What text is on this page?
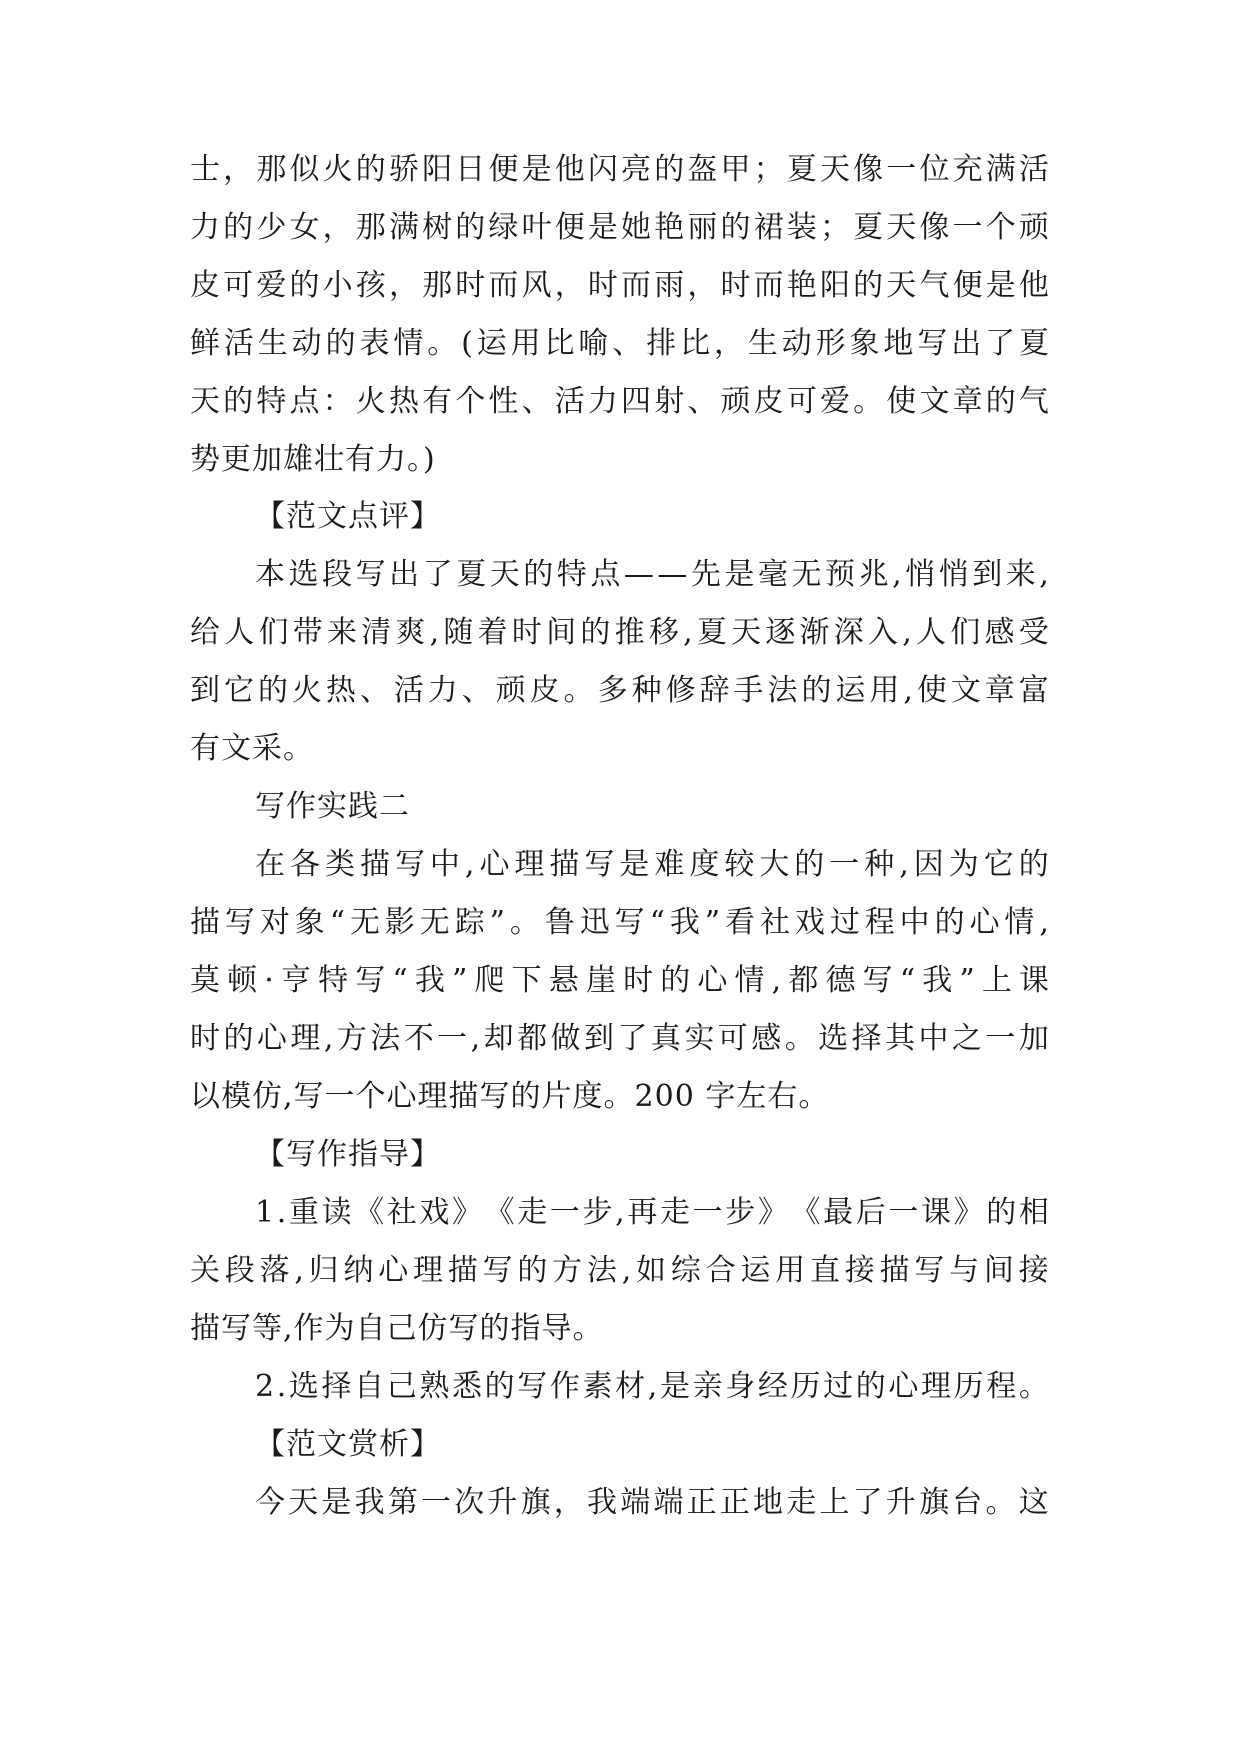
士 ， 那 似 火 的 骄 阳 日 便 是 他 闪 亮 的 盔 甲 ； 夏 天 像 一 位 充 满 活
力 的 少 女 ， 那 满 树 的 绿 叶 便 是 她 艳 丽 的 裙 装 ； 夏 天 像 一 个 顽
皮 可 爱 的 小 孩 ， 那 时 而 风 ， 时 而 雨 ， 时 而 艳 阳 的 天 气 便 是 他
鲜 活 生 动 的 表 情 。 ( 运 用 比 喻 、 排 比 ， 生 动 形 象 地 写 出 了 夏
天 的 特 点 ： 火 热 有 个 性 、 活 力 四 射 、 顽 皮 可 爱 。 使 文 章 的 气
势更加雄壮有力。)
【范文点评】
本 选 段 写 出 了 夏 天 的 特 点 — — 先 是 毫 无 预 兆 , 悄 悄 到 来 ,
给 人 们 带 来 清 爽 , 随 着 时 间 的 推 移 , 夏 天 逐 渐 深 入 , 人 们 感 受
到 它 的 火 热 、 活 力 、 顽 皮 。 多 种 修 辞 手 法 的 运 用 , 使 文 章 富
有文采。
写作实践二
在 各 类 描 写 中 , 心 理 描 写 是 难 度 较 大 的 一 种 , 因 为 它 的
描 写 对 象 “ 无 影 无 踪 ” 。 鲁 迅 写 “ 我 ” 看 社 戏 过 程 中 的 心 情 ,
莫 顿 · 亨 特 写 “ 我 ” 爬 下 悬 崖 时 的 心 情 , 都 德 写 “ 我 ” 上 课
时 的 心 理 , 方 法 不 一 , 却 都 做 到 了 真 实 可 感 。 选 择 其 中 之 一 加
以模仿,写一个心理描写的片度。200 字左右。
【写作指导】
1 . 重 读 《 社 戏 》 《 走 一 步 , 再 走 一 步 》 《 最 后 一 课 》 的 相
关 段 落 , 归 纳 心 理 描 写 的 方 法 , 如 综 合 运 用 直 接 描 写 与 间 接
描写等,作为自己仿写的指导。
2 . 选 择 自 己 熟 悉 的 写 作 素 材 , 是 亲 身 经 历 过 的 心 理 历 程 。
【范文赏析】
今 天 是 我 第 一 次 升 旗 ， 我 端 端 正 正 地 走 上 了 升 旗 台 。 这
